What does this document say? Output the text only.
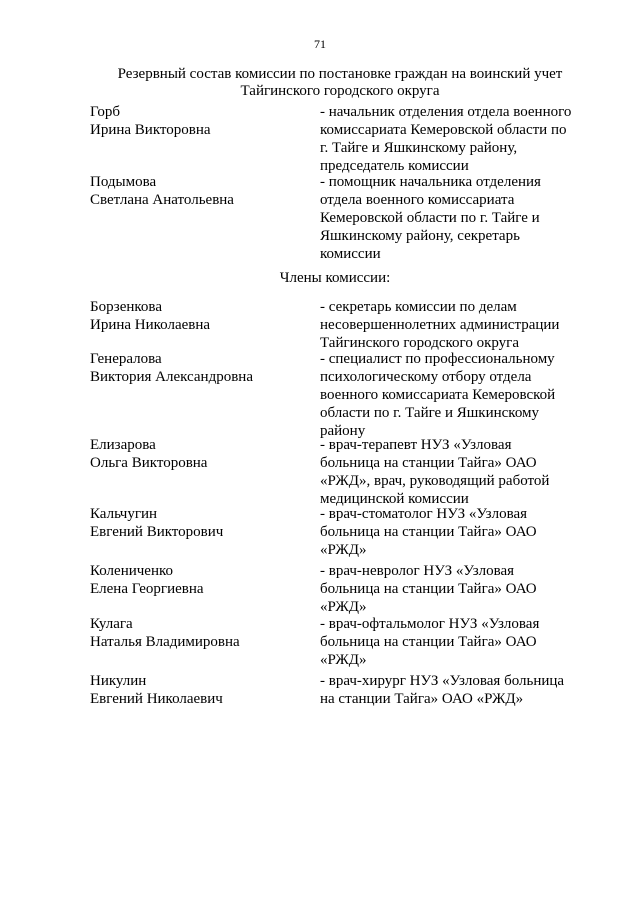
71
Резервный состав комиссии по постановке граждан на воинский учет
Тайгинского городского округа
Горб
Ирина Викторовна
- начальник отделения отдела военного
комиссариата Кемеровской области по
г. Тайге и Яшкинскому району,
председатель комиссии
Подымова
Светлана Анатольевна
- помощник начальника отделения
отдела военного комиссариата
Кемеровской области по г. Тайге и
Яшкинскому району, секретарь
комиссии
Члены комиссии:
Борзенкова
Ирина Николаевна
- секретарь комиссии по делам
несовершеннолетних администрации
Тайгинского городского округа
Генералова
Виктория Александровна
- специалист по профессиональному
психологическому отбору отдела
военного комиссариата Кемеровской
области по г. Тайге и Яшкинскому
району
Елизарова
Ольга Викторовна
- врач-терапевт НУЗ «Узловая
больница на станции Тайга» ОАО
«РЖД», врач, руководящий работой
медицинской комиссии
Кальчугин
Евгений Викторович
- врач-стоматолог НУЗ «Узловая
больница на станции Тайга» ОАО
«РЖД»
Колениченко
Елена Георгиевна
- врач-невролог НУЗ «Узловая
больница на станции Тайга» ОАО
«РЖД»
Кулага
Наталья Владимировна
- врач-офтальмолог НУЗ «Узловая
больница на станции Тайга» ОАО
«РЖД»
Никулин
Евгений Николаевич
- врач-хирург НУЗ «Узловая больница
на станции Тайга» ОАО «РЖД»
